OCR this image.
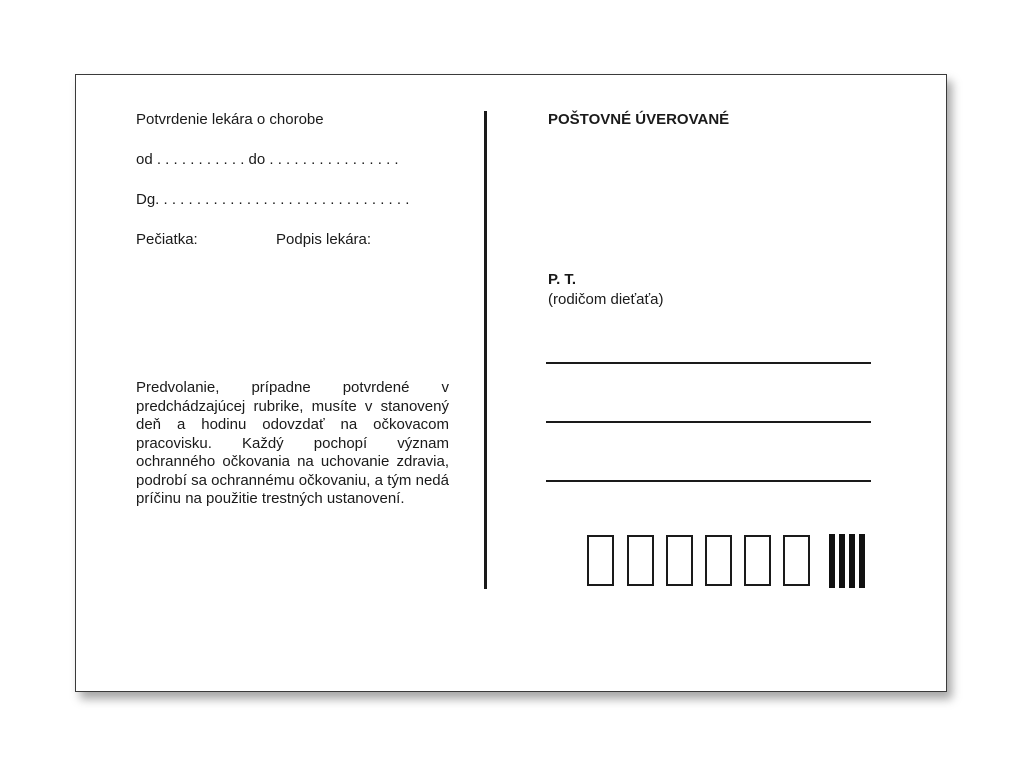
Potvrdenie lekára o chorobe
od . . . . . . . . . . . do . . . . . . . . . . . . . . . .
Dg. . . . . . . . . . . . . . . . . . . . . . . . . . . . . . .
Pečiatka:	Podpis lekára:
Predvolanie, prípadne potvrdené v predchádzajúcej rubrike, musíte v stanovený deň a hodinu odovzdať na očkovacom pracovisku. Každý pochopí význam ochranného očkovania na uchovanie zdravia, podrobí sa ochrannému očkovaniu, a tým nedá príčinu na použitie trestných ustanovení.
POŠTOVNÉ ÚVEROVANÉ
P. T.
(rodičom dieťaťa)
